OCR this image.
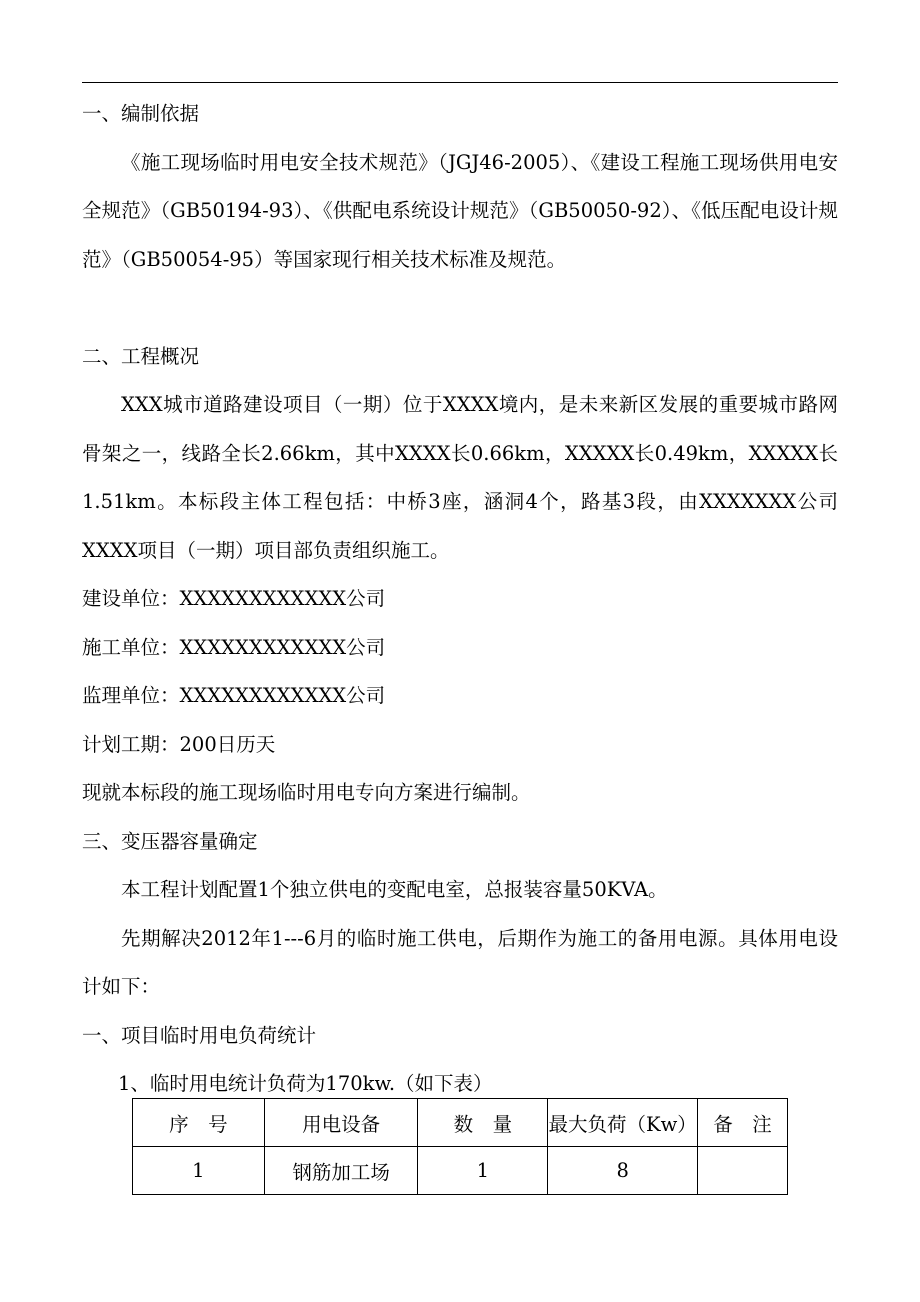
一、编制依据
《施工现场临时用电安全技术规范》（JGJ46-2005）、《建设工程施工现场供用电安全规范》（GB50194-93）、《供配电系统设计规范》（GB50050-92）、《低压配电设计规范》（GB50054-95）等国家现行相关技术标准及规范。
二、工程概况
XXX城市道路建设项目（一期）位于XXXX境内，是未来新区发展的重要城市路网骨架之一，线路全长2.66km，其中XXXX长0.66km，XXXXX长0.49km，XXXXX长1.51km。本标段主体工程包括：中桥3座，涵洞4个，路基3段，由XXXXXXX公司XXXX项目（一期）项目部负责组织施工。
建设单位：XXXXXXXXXXXX公司
施工单位：XXXXXXXXXXXX公司
监理单位：XXXXXXXXXXXX公司
计划工期：200日历天
现就本标段的施工现场临时用电专向方案进行编制。
三、变压器容量确定
本工程计划配置1个独立供电的变配电室，总报装容量50KVA。
先期解决2012年1---6月的临时施工供电，后期作为施工的备用电源。具体用电设计如下：
一、项目临时用电负荷统计
1、临时用电统计负荷为170kw.（如下表）
序　号	用电设备	数　量	最大负荷（Kw）	备　注
1	钢筋加工场	1	8	
